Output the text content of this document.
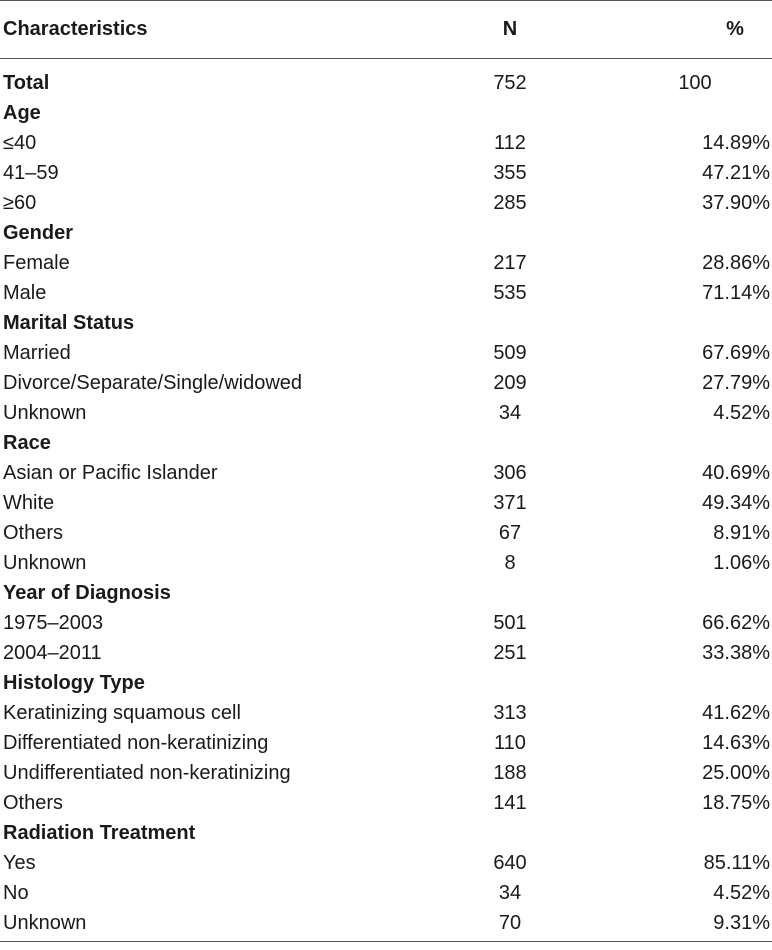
Characteristics	N	%
Total	752	100
Age
≤40	112	14.89%
41–59	355	47.21%
≥60	285	37.90%
Gender
Female	217	28.86%
Male	535	71.14%
Marital Status
Married	509	67.69%
Divorce/Separate/Single/widowed	209	27.79%
Unknown	34	4.52%
Race
Asian or Pacific Islander	306	40.69%
White	371	49.34%
Others	67	8.91%
Unknown	8	1.06%
Year of Diagnosis
1975–2003	501	66.62%
2004–2011	251	33.38%
Histology Type
Keratinizing squamous cell	313	41.62%
Differentiated non-keratinizing	110	14.63%
Undifferentiated non-keratinizing	188	25.00%
Others	141	18.75%
Radiation Treatment
Yes	640	85.11%
No	34	4.52%
Unknown	70	9.31%
